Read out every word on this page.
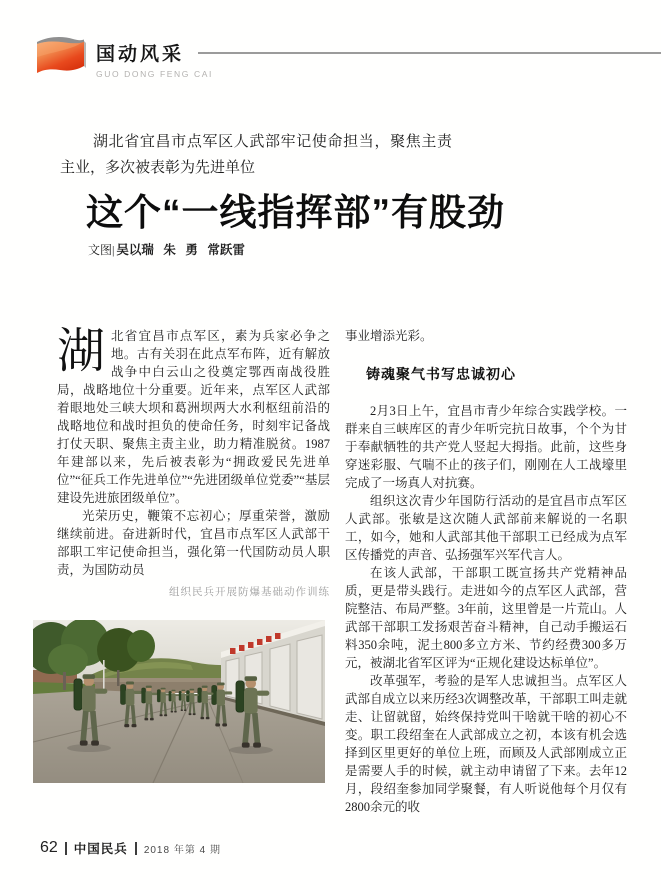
国动风采
GUO DONG FENG CAI
湖北省宜昌市点军区人武部牢记使命担当，聚焦主责主业，多次被表彰为先进单位
这个“一线指挥部”有股劲
文图| 吴以瑞 朱 勇 常跃雷

湖北省宜昌市点军区，素为兵家必争之地。古有关羽在此点军布阵，近有解放战争中白云山之役奠定鄂西南战役胜局，战略地位十分重要。近年来，点军区人武部着眼地处三峡大坝和葛洲坝两大水利枢纽前沿的战略地位和战时担负的使命任务，时刻牢记备战打仗天职、聚焦主责主业，助力精准脱贫。1987年建部以来，先后被表彰为“拥政爱民先进单位”“征兵工作先进单位”“先进团级单位党委”“基层建设先进旅团级单位”。

光荣历史，鞭策不忘初心；厚重荣誉，激励继续前进。奋进新时代，宜昌市点军区人武部干部职工牢记使命担当，强化第一代国防动员人职责，为国防动员

组织民兵开展防爆基础动作训练

事业增添光彩。

铸魂聚气书写忠诚初心

2月3日上午，宜昌市青少年综合实践学校。一群来自三峡库区的青少年听完抗日故事，个个为甘于奉献牺牲的共产党人竖起大拇指。此前，这些身穿迷彩服、气喘不止的孩子们，刚刚在人工战壕里完成了一场真人对抗赛。

组织这次青少年国防行活动的是宜昌市点军区人武部。张敏是这次随人武部前来解说的一名职工，如今，她和人武部其他干部职工已经成为点军区传播党的声音、弘扬强军兴军代言人。

在该人武部，干部职工既宣扬共产党精神品质，更是带头践行。走进如今的点军区人武部，营院整洁、布局严整。3年前，这里曾是一片荒山。人武部干部职工发扬艰苦奋斗精神，自己动手搬运石料350余吨，泥土800多立方米、节约经费300多万元，被湖北省军区评为“正规化建设达标单位”。

改革强军，考验的是军人忠诚担当。点军区人武部自成立以来历经3次调整改革，干部职工叫走就走、让留就留，始终保持党叫干啥就干啥的初心不变。职工段绍奎在人武部成立之初，本该有机会选择到区里更好的单位上班，而顾及人武部刚成立正是需要人手的时候，就主动申请留了下来。去年12月，段绍奎参加同学聚餐，有人听说他每个月仅有2800余元的收

62 中国民兵 2018 年第 4 期
